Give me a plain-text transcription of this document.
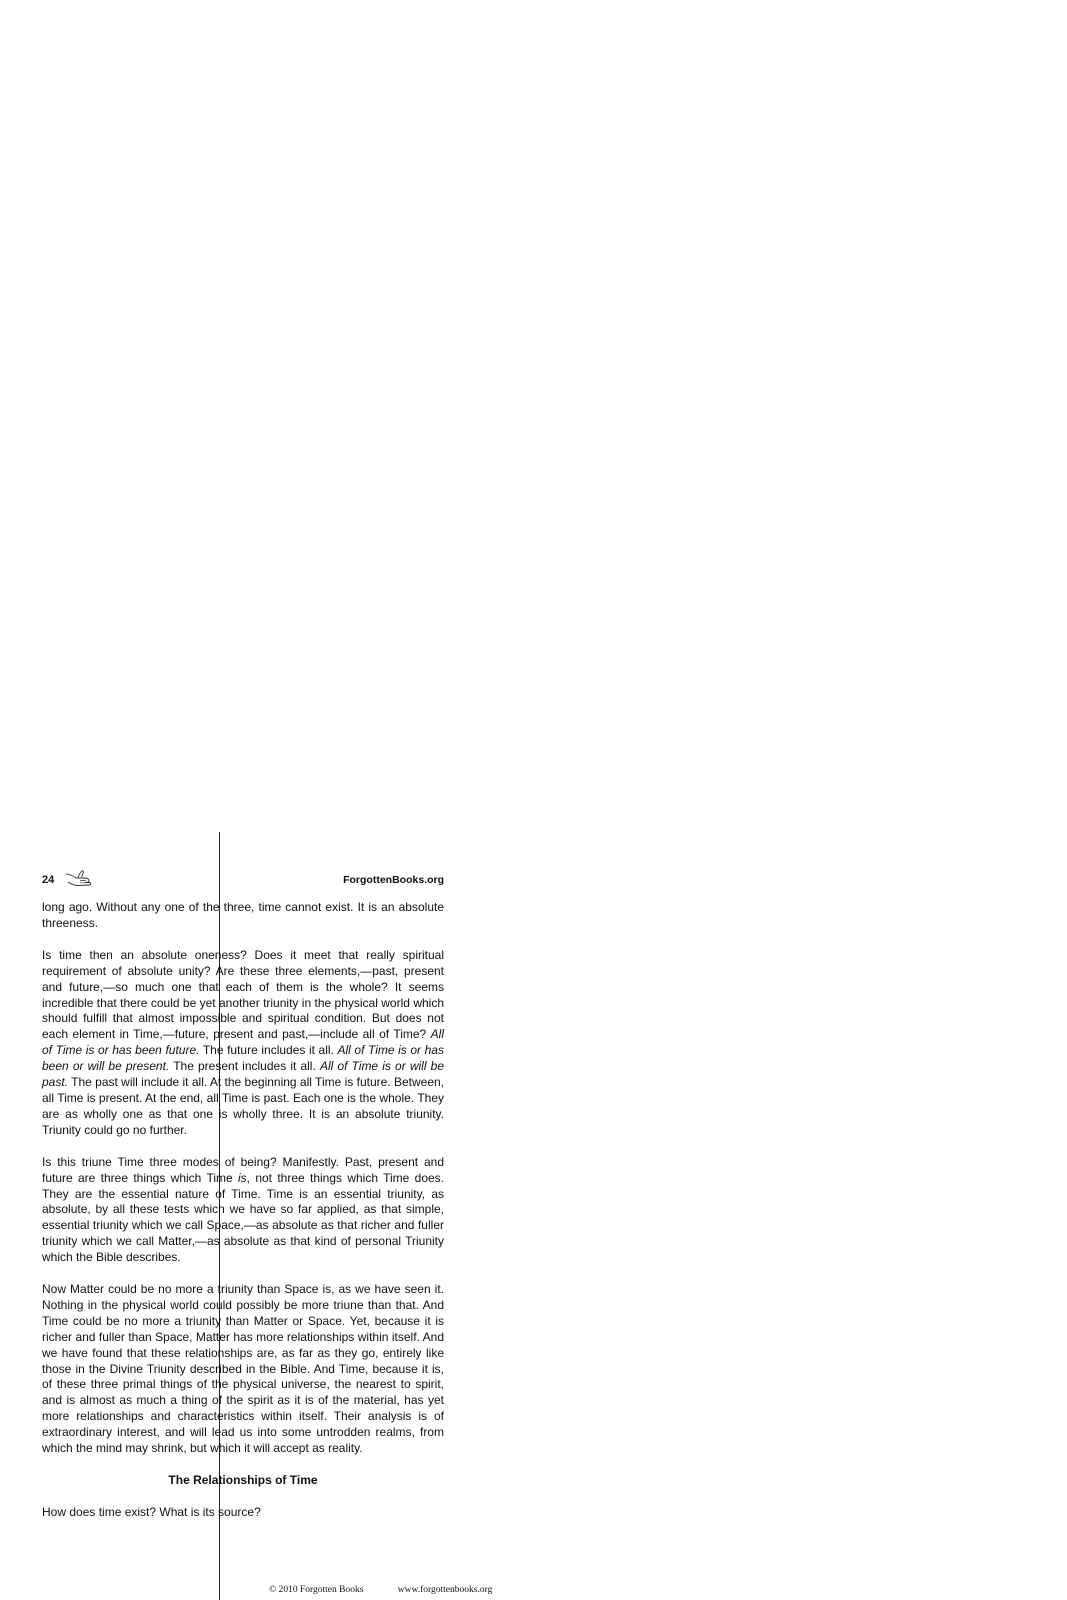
24	ForgottenBooks.org

long ago. Without any one of the three, time cannot exist. It is an absolute threeness.

Is time then an absolute oneness? Does it meet that really spiritual requirement of absolute unity? Are these three elements,—past, present and future,—so much one that each of them is the whole? It seems incredible that there could be yet another triunity in the physical world which should fulfill that almost impossible and spiritual condition. But does not each element in Time,—future, present and past,—include all of Time? All of Time is or has been future. The future includes it all. All of Time is or has been or will be present. The present includes it all. All of Time is or will be past. The past will include it all. At the beginning all Time is future. Between, all Time is present. At the end, all Time is past. Each one is the whole. They are as wholly one as that one is wholly three. It is an absolute triunity. Triunity could go no further.

Is this triune Time three modes of being? Manifestly. Past, present and future are three things which Time is, not three things which Time does. They are the essential nature of Time. Time is an essential triunity, as absolute, by all these tests which we have so far applied, as that simple, essential triunity which we call Space,—as absolute as that richer and fuller triunity which we call Matter,—as absolute as that kind of personal Triunity which the Bible describes.

Now Matter could be no more a triunity than Space is, as we have seen it. Nothing in the physical world could possibly be more triune than that. And Time could be no more a triunity than Matter or Space. Yet, because it is richer and fuller than Space, Matter has more relationships within itself. And we have found that these relationships are, as far as they go, entirely like those in the Divine Triunity described in the Bible. And Time, because it is, of these three primal things of the physical universe, the nearest to spirit, and is almost as much a thing of the spirit as it is of the material, has yet more relationships and characteristics within itself. Their analysis is of extraordinary interest, and will lead us into some untrodden realms, from which the mind may shrink, but which it will accept as reality.

The Relationships of Time

How does time exist? What is its source?

© 2010 Forgotten Books	www.forgottenbooks.org
